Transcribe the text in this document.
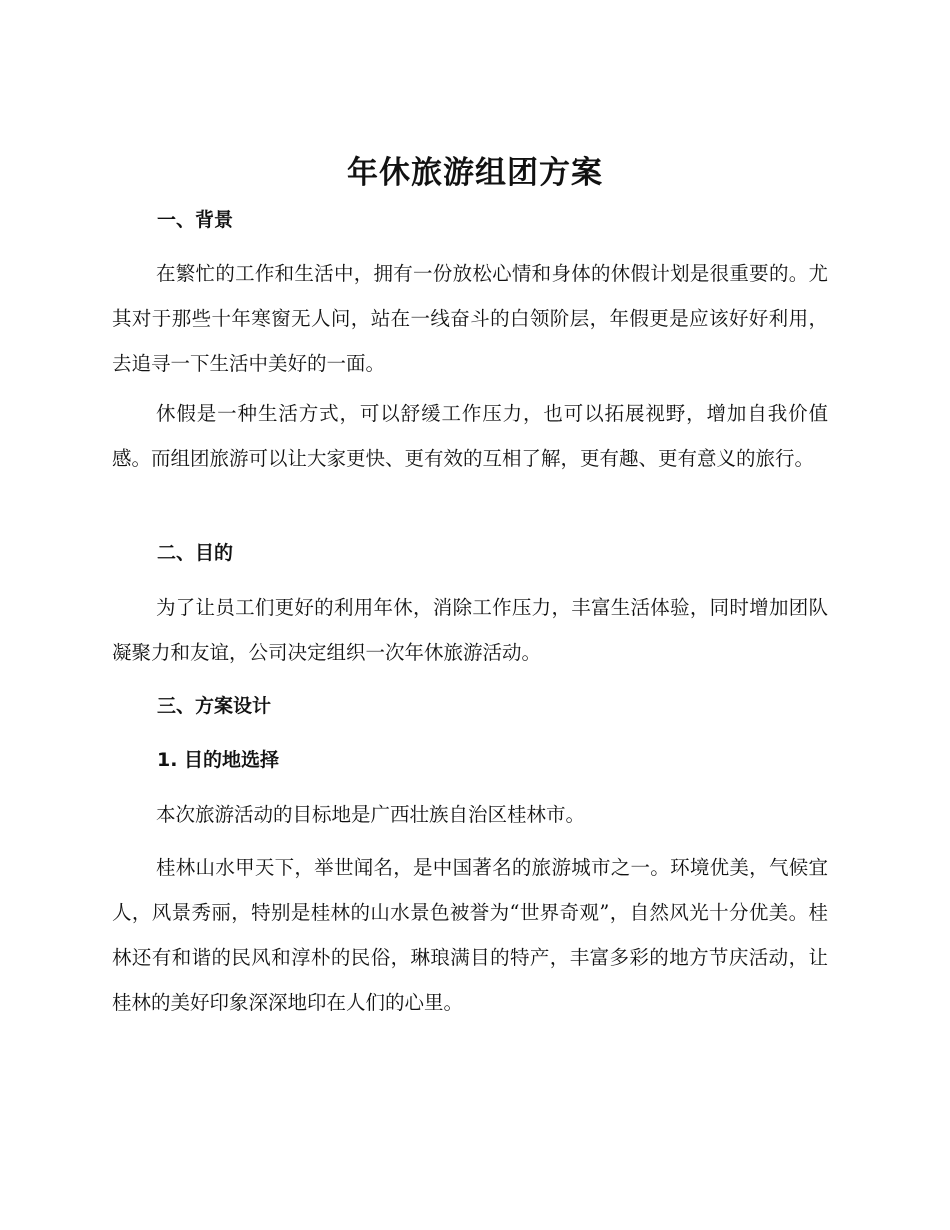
年休旅游组团方案
一、背景

在繁忙的工作和生活中，拥有一份放松心情和身体的休假计划是很重要的。尤其对于那些十年寒窗无人问，站在一线奋斗的白领阶层，年假更是应该好好利用，去追寻一下生活中美好的一面。

休假是一种生活方式，可以舒缓工作压力，也可以拓展视野，增加自我价值感。而组团旅游可以让大家更快、更有效的互相了解，更有趣、更有意义的旅行。

二、目的

为了让员工们更好的利用年休，消除工作压力，丰富生活体验，同时增加团队凝聚力和友谊，公司决定组织一次年休旅游活动。

三、方案设计
1. 目的地选择

本次旅游活动的目标地是广西壮族自治区桂林市。

桂林山水甲天下，举世闻名，是中国著名的旅游城市之一。环境优美，气候宜人，风景秀丽，特别是桂林的山水景色被誉为“世界奇观”，自然风光十分优美。桂林还有和谐的民风和淳朴的民俗，琳琅满目的特产，丰富多彩的地方节庆活动，让桂林的美好印象深深地印在人们的心里。
